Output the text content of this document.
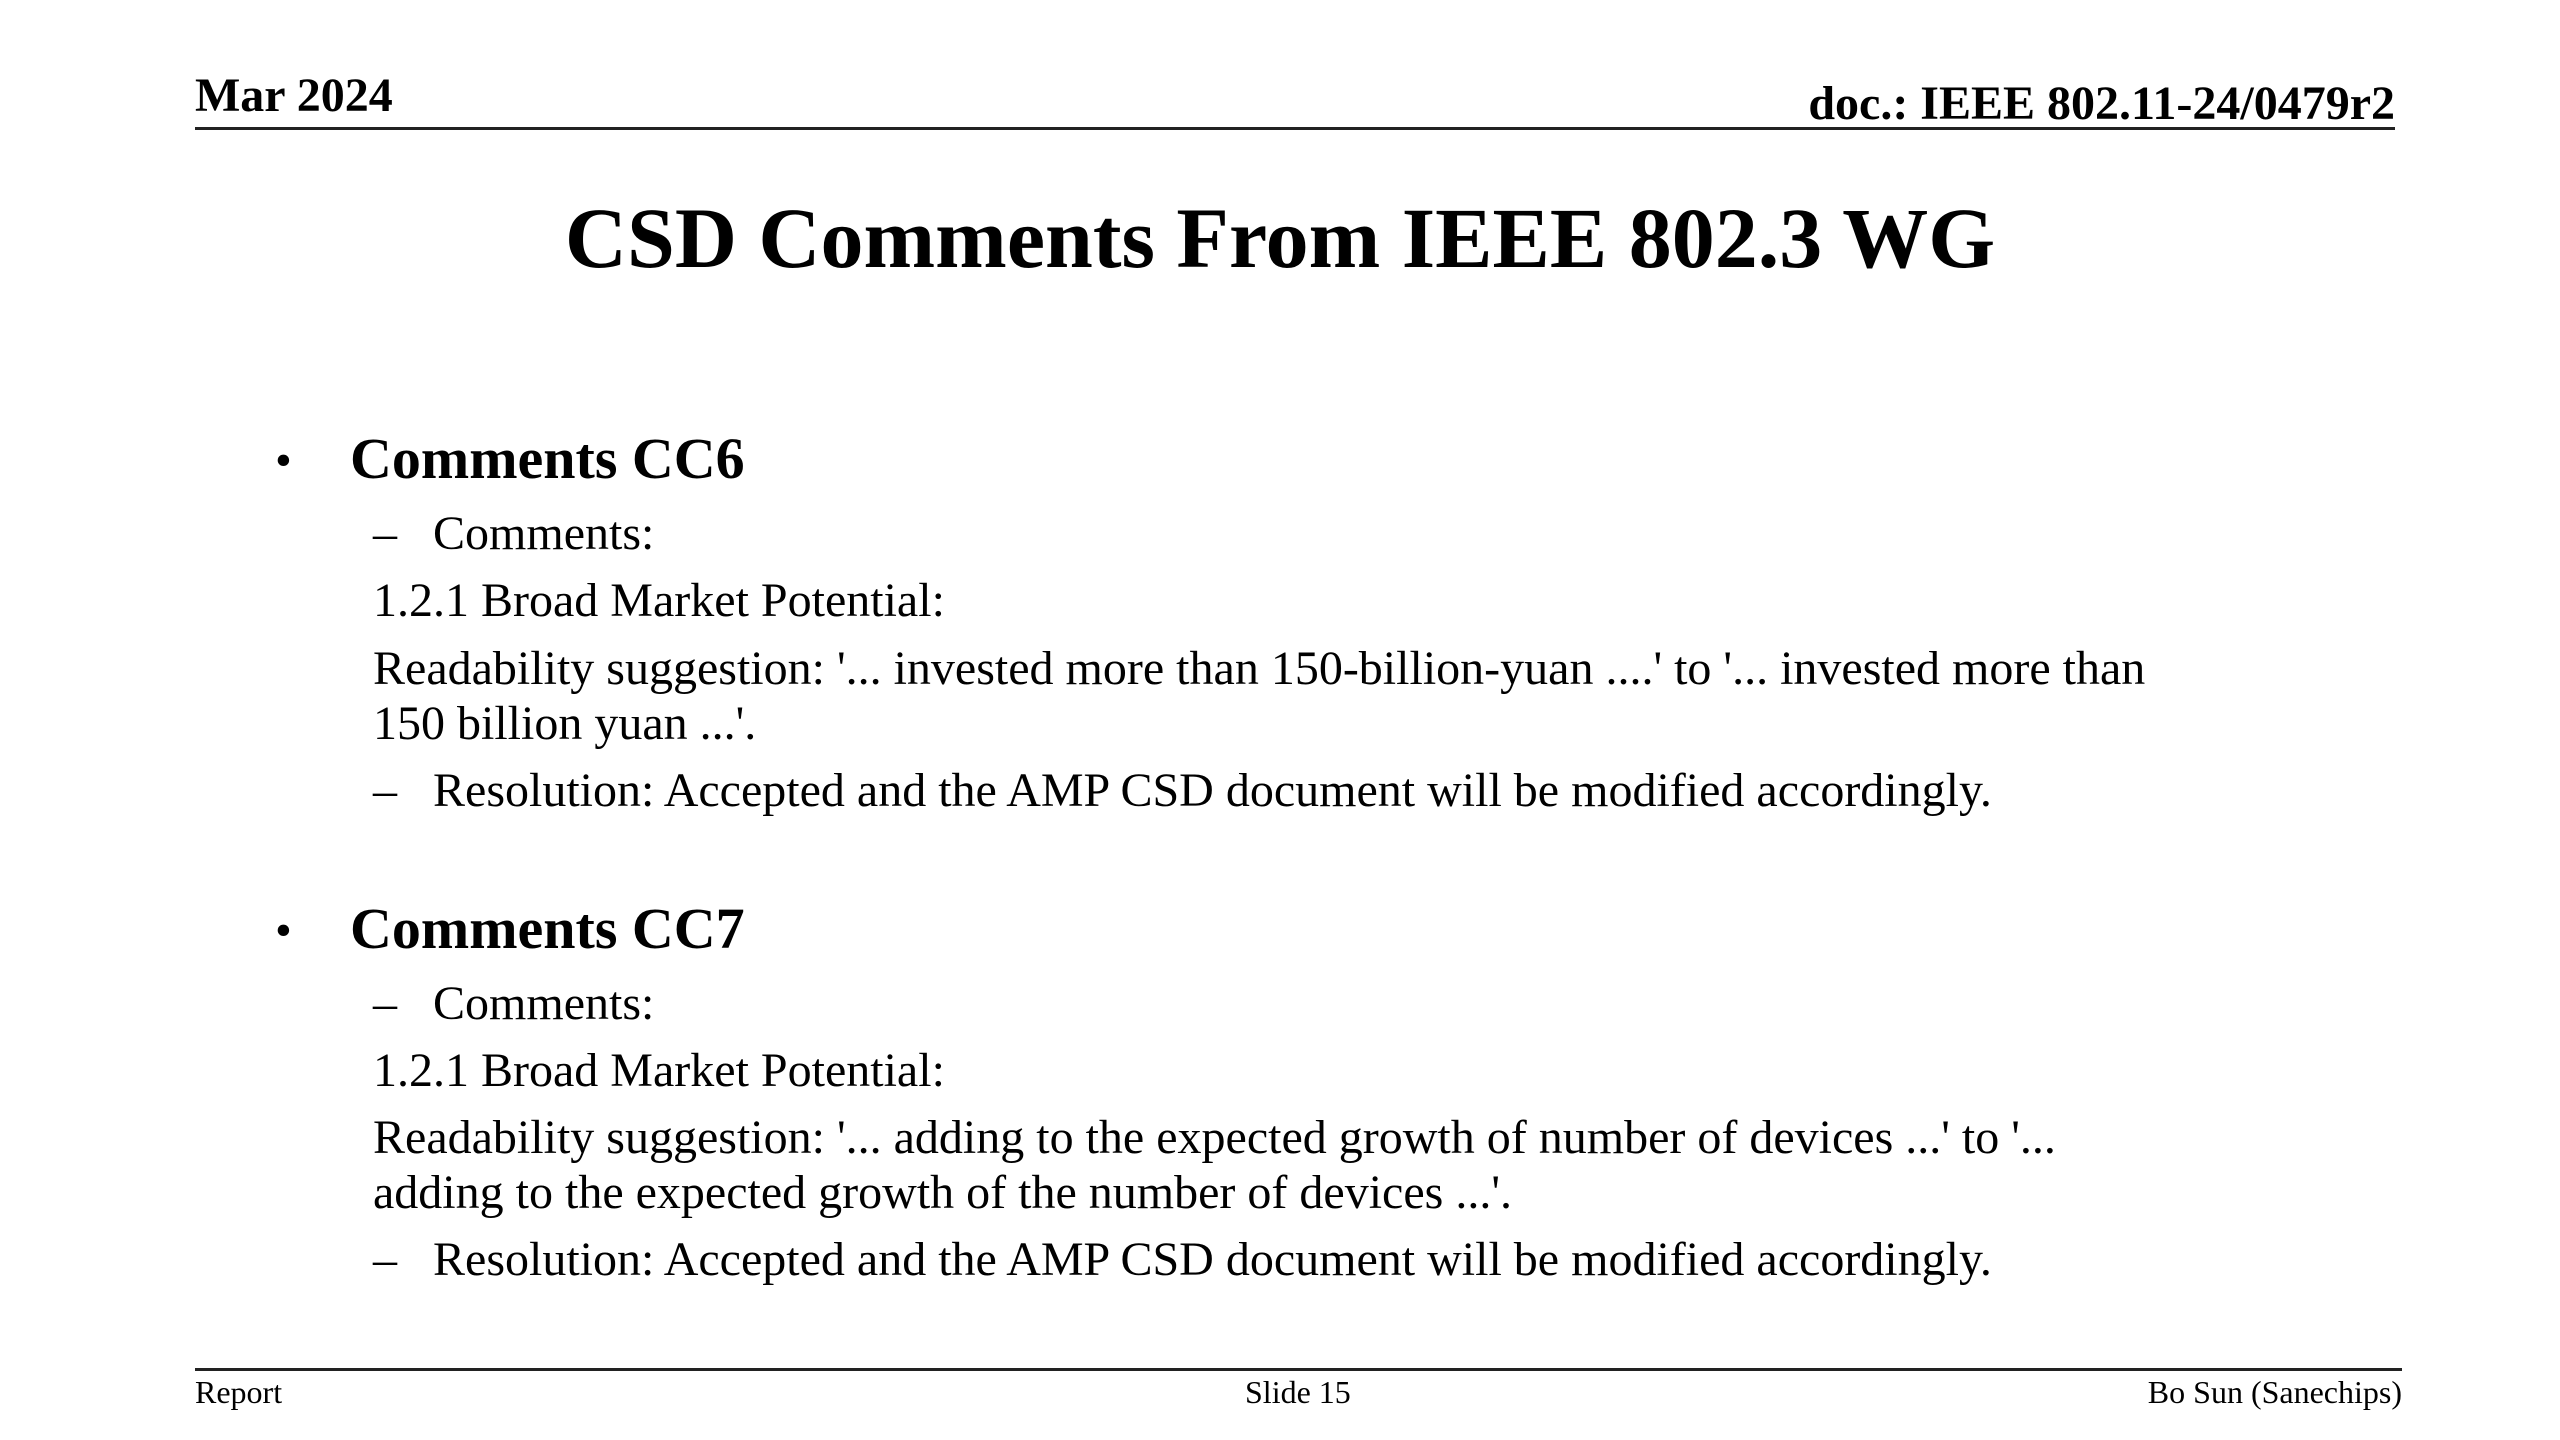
Mar 2024	doc.: IEEE 802.11-24/0479r2
CSD Comments From IEEE 802.3 WG
• Comments CC6
– Comments:
1.2.1 Broad Market Potential:
Readability suggestion: '... invested more than 150-billion-yuan ....' to '... invested more than
150 billion yuan ...'.
– Resolution: Accepted and the AMP CSD document will be modified accordingly.
• Comments CC7
– Comments:
1.2.1 Broad Market Potential:
Readability suggestion: '... adding to the expected growth of number of devices ...' to '...
adding to the expected growth of the number of devices ...'.
– Resolution: Accepted and the AMP CSD document will be modified accordingly.
Report	Slide 15	Bo Sun (Sanechips)
